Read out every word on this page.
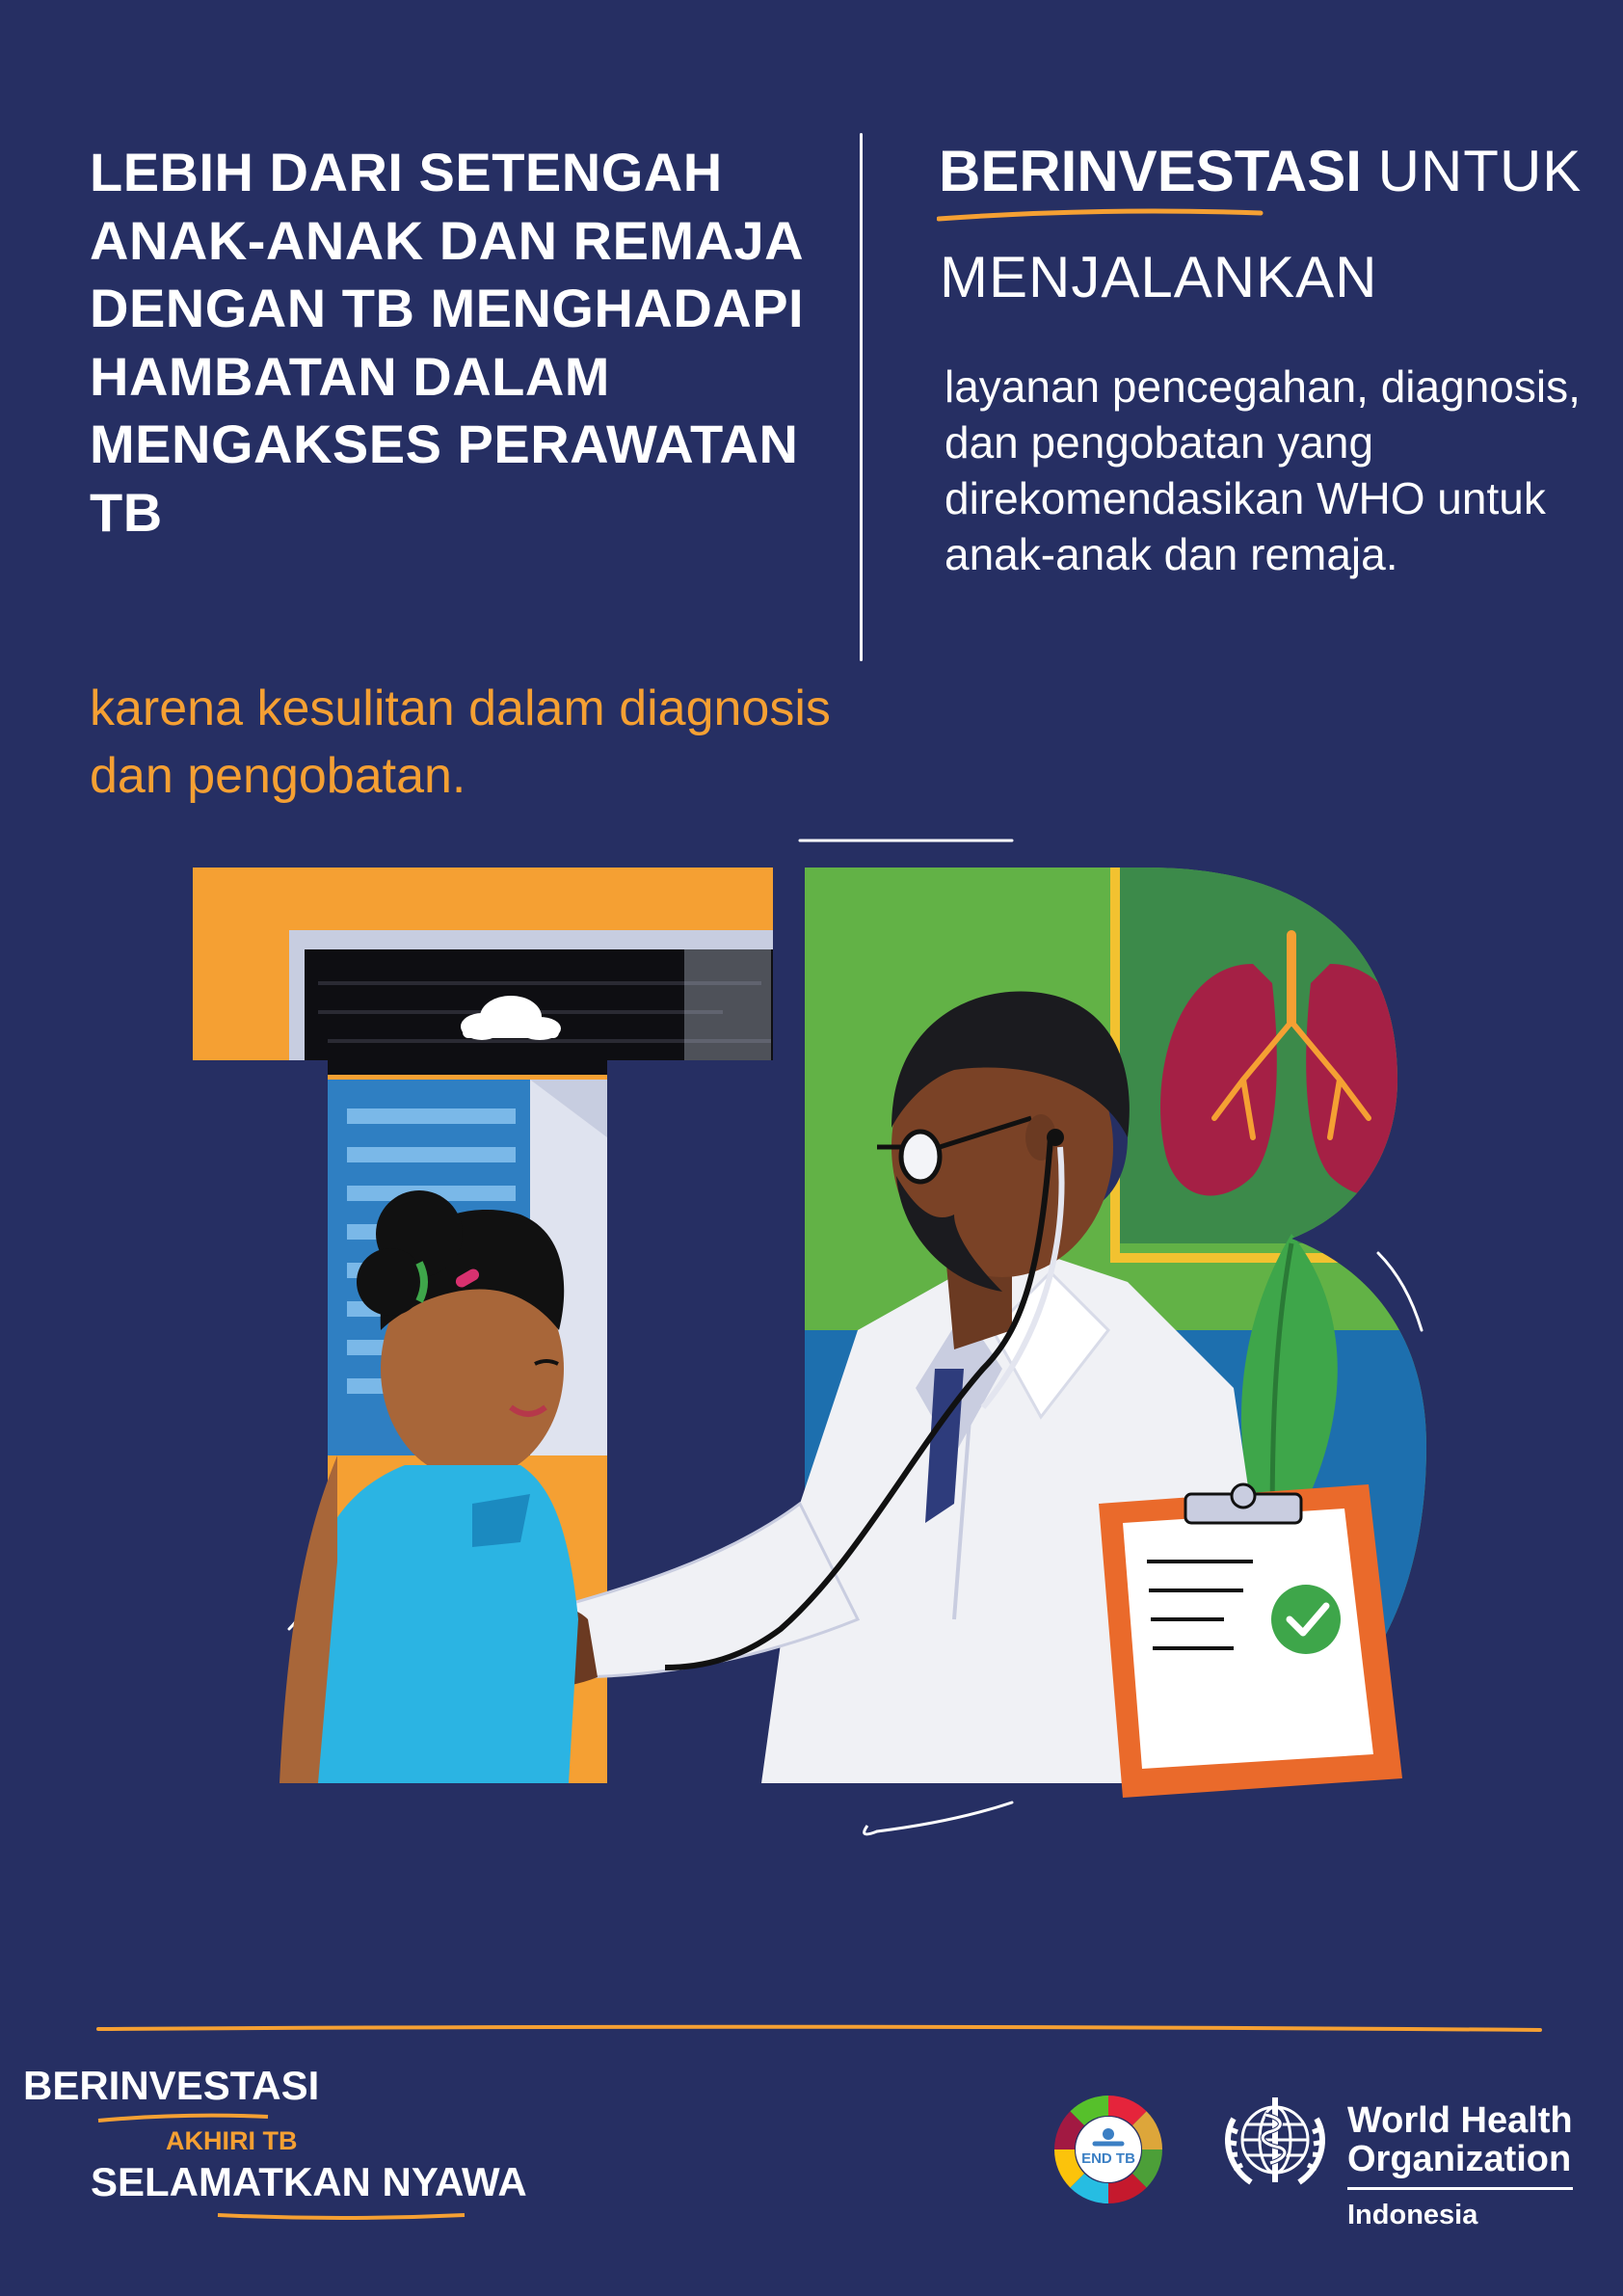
LEBIH DARI SETENGAH ANAK-ANAK DAN REMAJA DENGAN TB MENGHADAPI HAMBATAN DALAM MENGAKSES PERAWATAN TB

karena kesulitan dalam diagnosis dan pengobatan.

BERINVESTASI UNTUK
MENJALANKAN

layanan pencegahan, diagnosis, dan pengobatan yang direkomendasikan WHO untuk anak-anak dan remaja.

BERINVESTASI
AKHIRI TB
SELAMATKAN NYAWA
END TB
World Health
Organization
Indonesia
